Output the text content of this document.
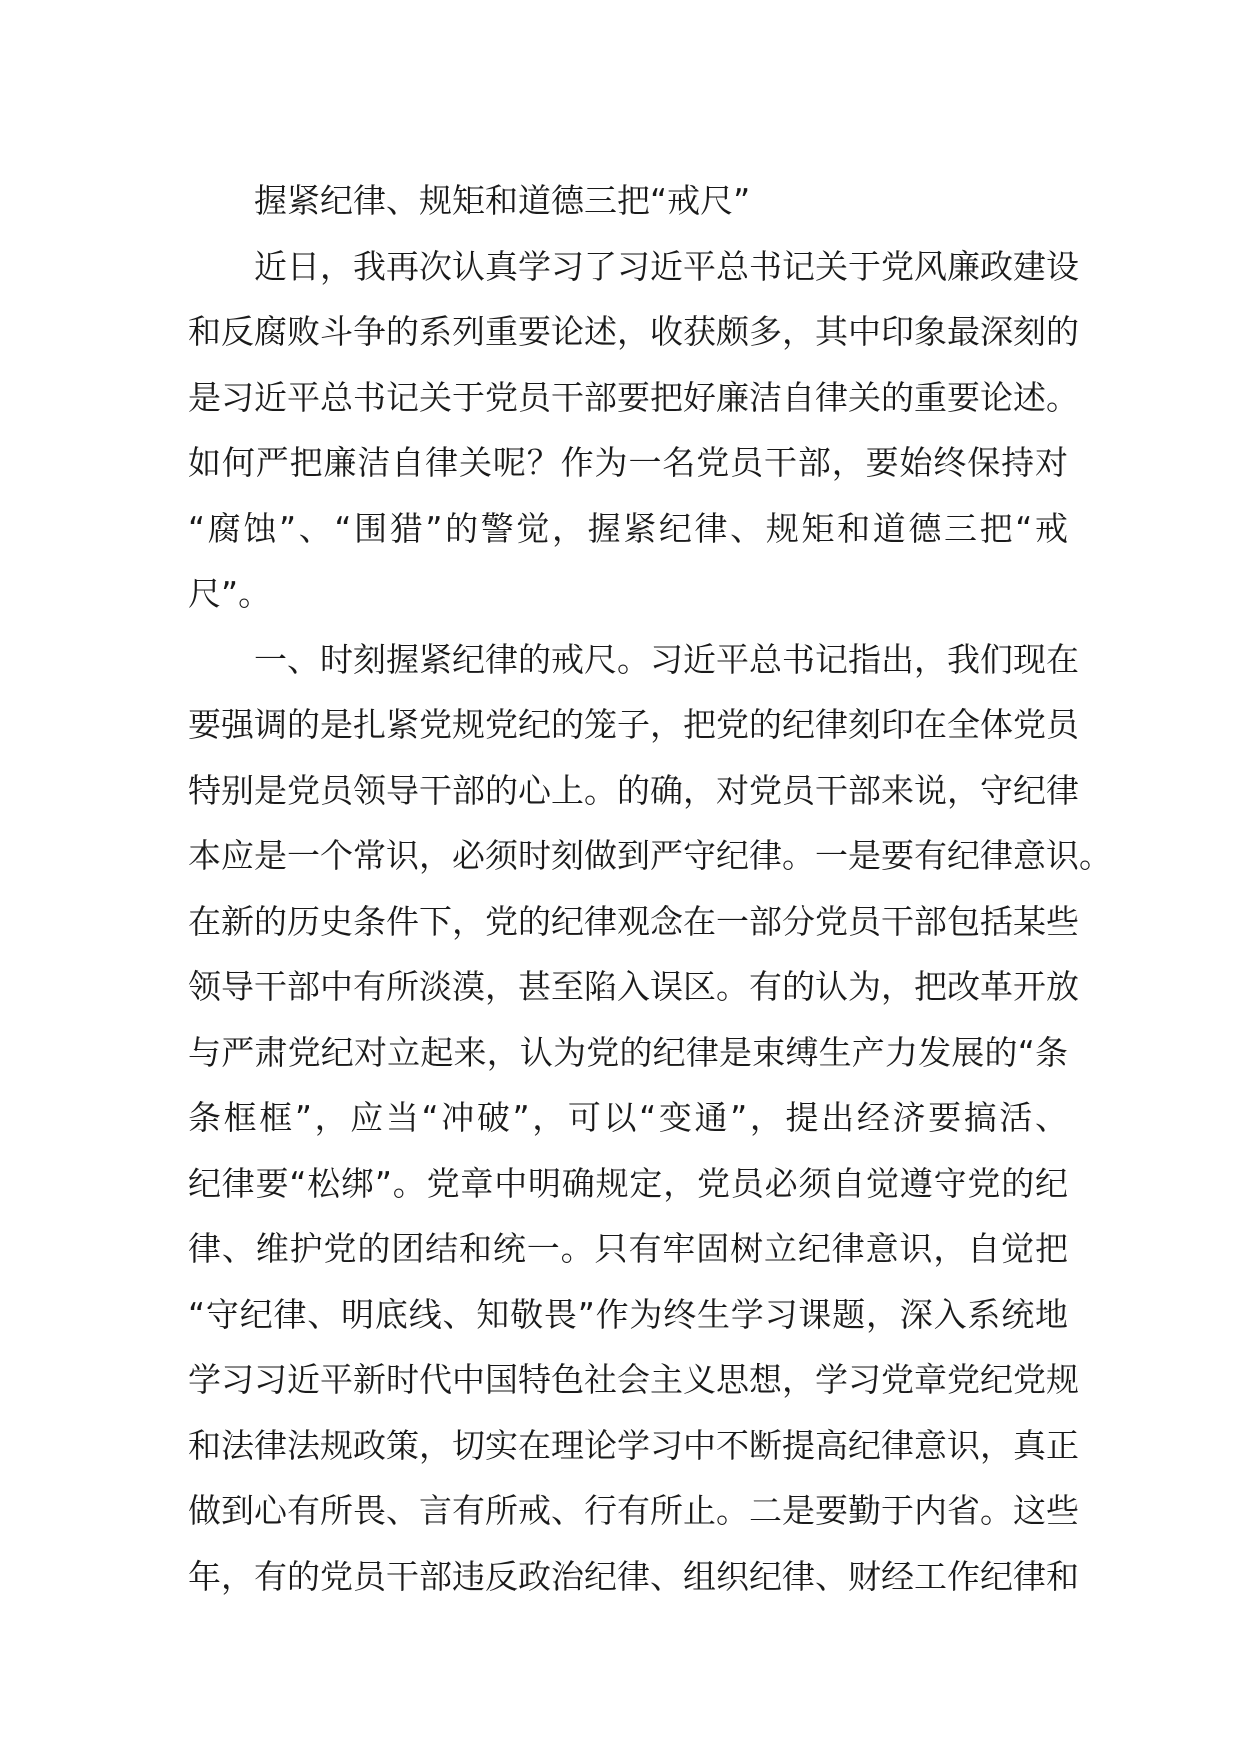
握紧纪律、规矩和道德三把“戒尺”
近日，我再次认真学习了习近平总书记关于党风廉政建设
和反腐败斗争的系列重要论述，收获颇多，其中印象最深刻的
是习近平总书记关于党员干部要把好廉洁自律关的重要论述。
如何严把廉洁自律关呢？作为一名党员干部，要始终保持对
“腐蚀”、“围猎”的警觉，握紧纪律、规矩和道德三把“戒
尺”。
一、时刻握紧纪律的戒尺。习近平总书记指出，我们现在
要强调的是扎紧党规党纪的笼子，把党的纪律刻印在全体党员
特别是党员领导干部的心上。的确，对党员干部来说，守纪律
本应是一个常识，必须时刻做到严守纪律。一是要有纪律意识。
在新的历史条件下，党的纪律观念在一部分党员干部包括某些
领导干部中有所淡漠，甚至陷入误区。有的认为，把改革开放
与严肃党纪对立起来，认为党的纪律是束缚生产力发展的“条
条框框”，应当“冲破”，可以“变通”，提出经济要搞活、
纪律要“松绑”。党章中明确规定，党员必须自觉遵守党的纪
律、维护党的团结和统一。只有牢固树立纪律意识，自觉把
“守纪律、明底线、知敬畏”作为终生学习课题，深入系统地
学习习近平新时代中国特色社会主义思想，学习党章党纪党规
和法律法规政策，切实在理论学习中不断提高纪律意识，真正
做到心有所畏、言有所戒、行有所止。二是要勤于内省。这些
年，有的党员干部违反政治纪律、组织纪律、财经工作纪律和
